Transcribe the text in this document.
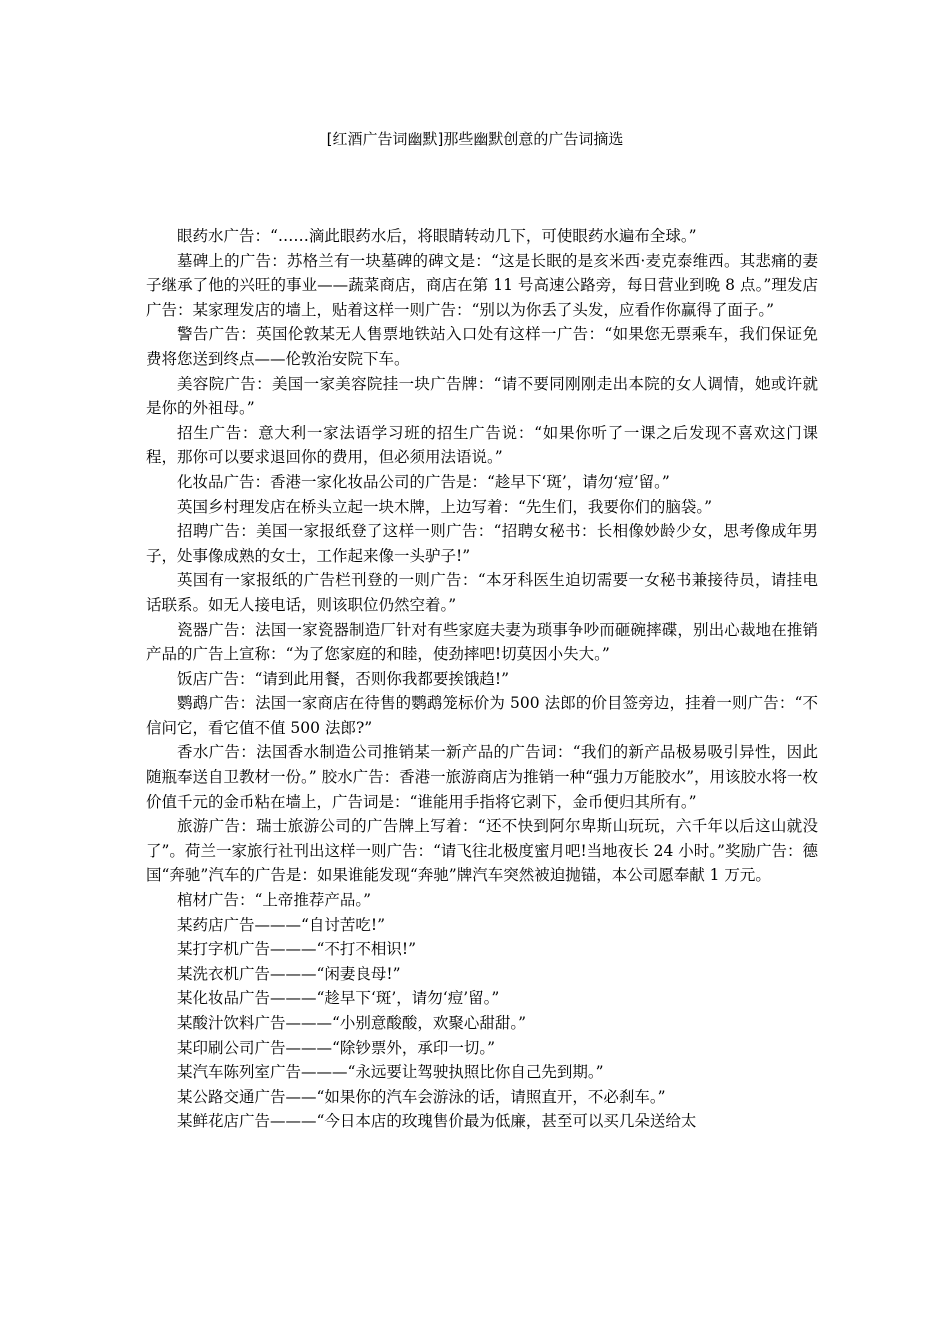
[红酒广告词幽默]那些幽默创意的广告词摘选

眼药水广告：“……滴此眼药水后，将眼睛转动几下，可使眼药水遍布全球。”

墓碑上的广告：苏格兰有一块墓碑的碑文是：“这是长眠的是亥米西·麦克泰维西。其悲痛的妻子继承了他的兴旺的事业——蔬菜商店，商店在第 11 号高速公路旁，每日营业到晚 8 点。”理发店广告：某家理发店的墙上，贴着这样一则广告：“别以为你丢了头发，应看作你赢得了面子。”

警告广告：英国伦敦某无人售票地铁站入口处有这样一广告：“如果您无票乘车，我们保证免费将您送到终点——伦敦治安院下车。

美容院广告：美国一家美容院挂一块广告牌：“请不要同刚刚走出本院的女人调情，她或许就是你的外祖母。”

招生广告：意大利一家法语学习班的招生广告说：“如果你听了一课之后发现不喜欢这门课程，那你可以要求退回你的费用，但必须用法语说。”

化妆品广告：香港一家化妆品公司的广告是：“趁早下‘斑’，请勿‘痘’留。”

英国乡村理发店在桥头立起一块木牌，上边写着：“先生们，我要你们的脑袋。”

招聘广告：美国一家报纸登了这样一则广告：“招聘女秘书：长相像妙龄少女，思考像成年男子，处事像成熟的女士，工作起来像一头驴子!”

英国有一家报纸的广告栏刊登的一则广告：“本牙科医生迫切需要一女秘书兼接待员，请挂电话联系。如无人接电话，则该职位仍然空着。”

瓷器广告：法国一家瓷器制造厂针对有些家庭夫妻为琐事争吵而砸碗摔碟，别出心裁地在推销产品的广告上宣称：“为了您家庭的和睦，使劲摔吧!切莫因小失大。”

饭店广告：“请到此用餐，否则你我都要挨饿趋!”

鹦鹉广告：法国一家商店在待售的鹦鹉笼标价为 500 法郎的价目签旁边，挂着一则广告：“不信问它，看它值不值 500 法郎?”

香水广告：法国香水制造公司推销某一新产品的广告词：“我们的新产品极易吸引异性，因此随瓶奉送自卫教材一份。” 胶水广告：香港一旅游商店为推销一种“强力万能胶水”，用该胶水将一枚价值千元的金币粘在墙上，广告词是：“谁能用手指将它剥下，金币便归其所有。”

旅游广告：瑞士旅游公司的广告牌上写着：“还不快到阿尔卑斯山玩玩，六千年以后这山就没了”。荷兰一家旅行社刊出这样一则广告：“请飞往北极度蜜月吧!当地夜长 24 小时。”奖励广告：德国“奔驰”汽车的广告是：如果谁能发现“奔驰”牌汽车突然被迫抛锚，本公司愿奉献 1 万元。

棺材广告：“上帝推荐产品。”

某药店广告———“自讨苦吃!”

某打字机广告———“不打不相识!”

某洗衣机广告———“闲妻良母!”

某化妆品广告———“趁早下‘斑’，请勿‘痘’留。”

某酸汁饮料广告———“小别意酸酸，欢聚心甜甜。”

某印刷公司广告———“除钞票外，承印一切。”

某汽车陈列室广告———“永远要让驾驶执照比你自己先到期。”

某公路交通广告——“如果你的汽车会游泳的话，请照直开，不必刹车。”

某鲜花店广告———“今日本店的玫瑰售价最为低廉，甚至可以买几朵送给太
